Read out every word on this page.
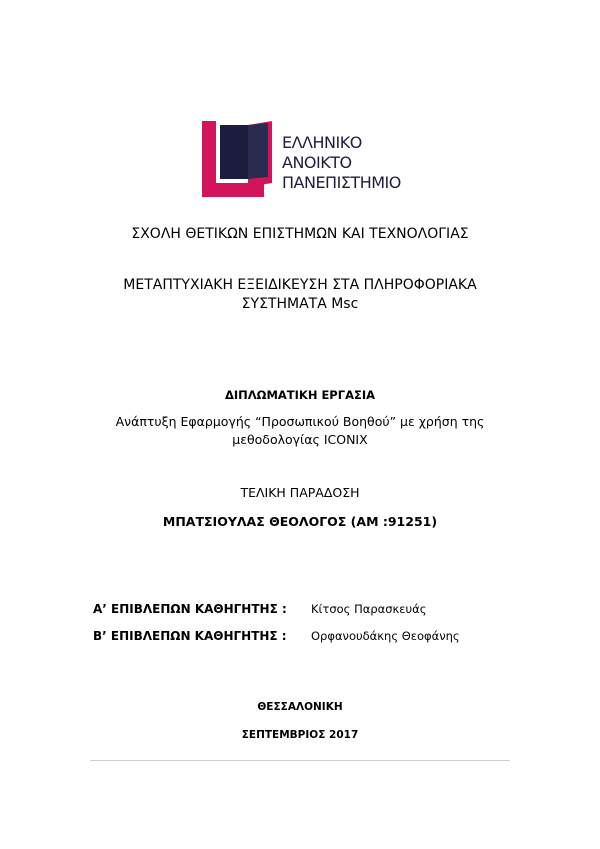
ΕΛΛΗΝΙΚΟ
ΑΝΟΙΚΤΟ
ΠΑΝΕΠΙΣΤΗΜΙΟ
ΣΧΟΛΗ ΘΕΤΙΚΩΝ ΕΠΙΣΤΗΜΩΝ ΚΑΙ ΤΕΧΝΟΛΟΓΙΑΣ
ΜΕΤΑΠΤΥΧΙΑΚΗ ΕΞΕΙΔΙΚΕΥΣΗ ΣΤΑ ΠΛΗΡΟΦΟΡΙΑΚΑ
ΣΥΣΤΗΜΑΤΑ Msc
ΔΙΠΛΩΜΑΤΙΚΗ ΕΡΓΑΣΙΑ
Ανάπτυξη Εφαρμογής “Προσωπικού Βοηθού” με χρήση της
μεθοδολογίας ICONIX
ΤΕΛΙΚΗ ΠΑΡΑΔΟΣΗ
ΜΠΑΤΣΙΟΥΛΑΣ ΘΕΟΛΟΓΟΣ (ΑΜ :91251)
Α’ ΕΠΙΒΛΕΠΩΝ ΚΑΘΗΓΗΤΗΣ : Κίτσος Παρασκευάς
Β’ ΕΠΙΒΛΕΠΩΝ ΚΑΘΗΓΗΤΗΣ : Ορφανουδάκης Θεοφάνης
ΘΕΣΣΑΛΟΝΙΚΗ
ΣΕΠΤΕΜΒΡΙΟΣ 2017
